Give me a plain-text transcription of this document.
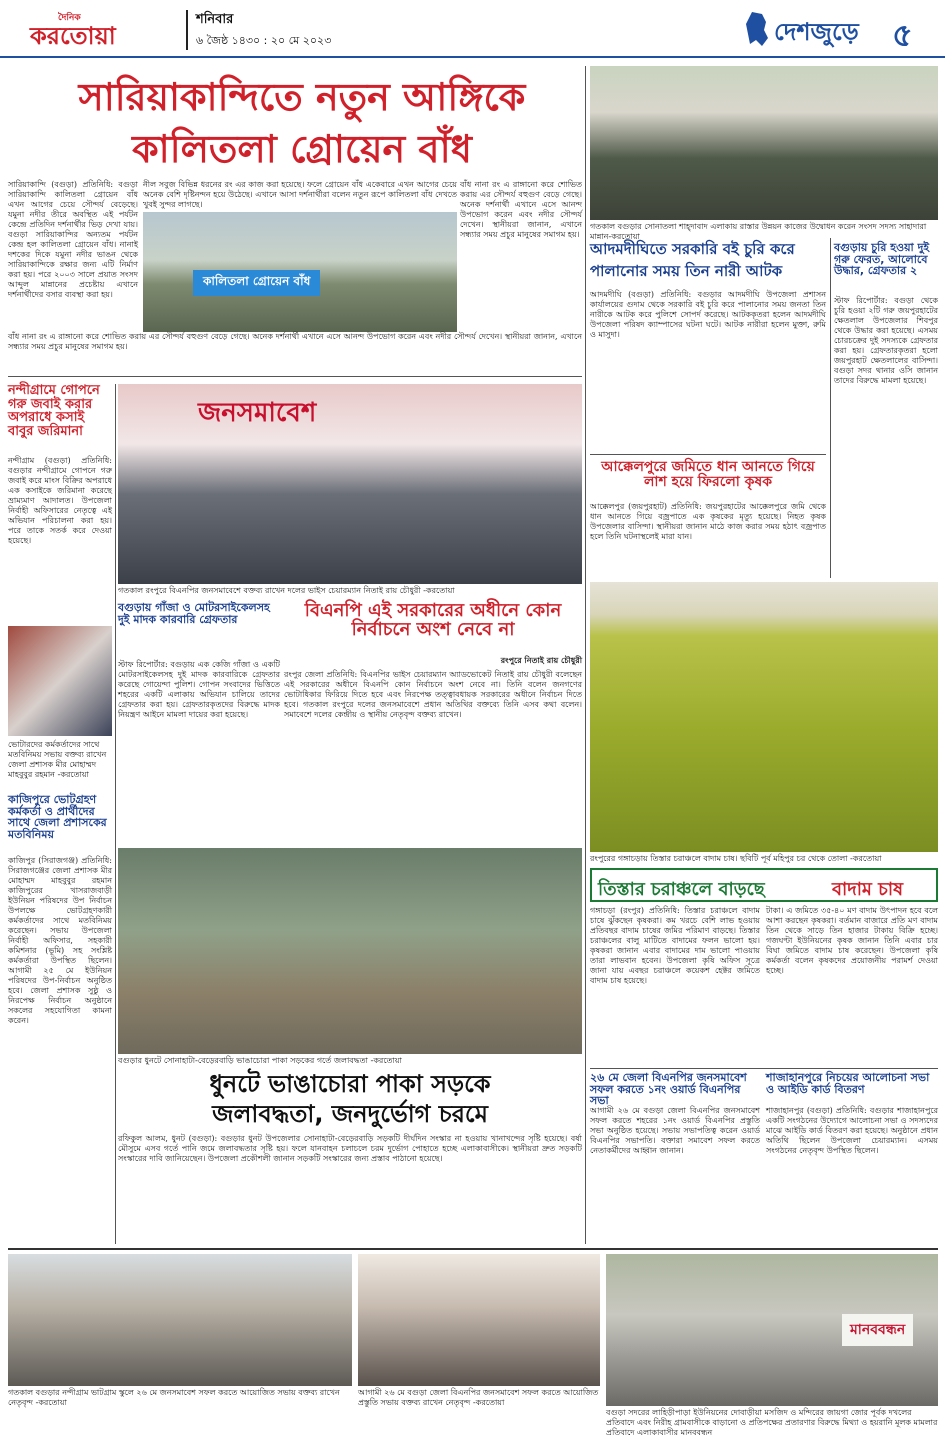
দৈনিক
করতোয়া
শনিবার
৬ জৈষ্ঠ ১৪৩০ : ২০ মে ২০২৩	দেশজুড়ে ৫
সারিয়াকান্দিতে নতুন আঙ্গিকে
কালিতলা গ্রোয়েন বাঁধ
সারিয়াকান্দি (বগুড়া) প্রতিনিধি: বগুড়া সারিয়াকান্দি কালিতলা গ্রোয়েন বাঁধ এখন আগের চেয়ে সৌন্দর্য বেড়েছে। যমুনা নদীর তীরে অবস্থিত এই পর্যটন কেন্দ্রে প্রতিদিন দর্শনার্থীর ভিড় দেখা যায়। বগুড়া সারিয়াকান্দির অন্যতম পর্যটন কেন্দ্র হল কালিতলা গ্রোয়েন বাঁধ। নানাই দশকের দিকে যমুনা নদীর ভাঙন থেকে সারিয়াকান্দিকে রক্ষার জন্য এটি নির্মাণ করা হয়। পরে ২০০৩ সালে প্রয়াত সংসদ আব্দুল মান্নানের প্রচেষ্টায় এখানে দর্শনার্থীদের বসার ব্যবস্থা করা হয়।
কালিতলা গ্রোয়েন বাঁধ
নীল সবুজ বিভিন্ন ধরনের রং এর কাজ করা হয়েছে। ফলে গ্রোয়েন বাঁধ একেবারে এখন আগের চেয়ে অনেক বেশি দৃষ্টিনন্দন হয়ে উঠেছে। এখানে আসা দর্শনার্থীরা বলেন নতুন রূপে কালিতলা বাঁধ দেখতে খুবই সুন্দর লাগছে।
বাঁধ নানা রং এ রাঙ্গানো করে শোভিত করায় এর সৌন্দর্য বহুগুণ বেড়ে গেছে। অনেক দর্শনার্থী এখানে এসে আনন্দ উপভোগ করেন এবং নদীর সৌন্দর্য দেখেন। স্থানীয়রা জানান, এখানে সন্ধ্যার সময় প্রচুর মানুষের সমাগম হয়।
বাঁধ নানা রং এ রাঙ্গানো করে শোভিত করায় এর সৌন্দর্য বহুগুণ বেড়ে গেছে। অনেক দর্শনার্থী এখানে এসে আনন্দ উপভোগ করেন এবং নদীর সৌন্দর্য দেখেন। স্থানীয়রা জানান, এখানে সন্ধ্যার সময় প্রচুর মানুষের সমাগম হয়।
নন্দীগ্রামে গোপনে গরু জবাই করার অপরাধে কসাই বাবুর জরিমানা
নন্দীগ্রাম (বগুড়া) প্রতিনিধি: বগুড়ার নন্দীগ্রামে গোপনে গরু জবাই করে মাংস বিক্রির অপরাধে এক কসাইকে জরিমানা করেছে ভ্রাম্যমাণ আদালত। উপজেলা নির্বাহী অফিসারের নেতৃত্বে এই অভিযান পরিচালনা করা হয়। পরে তাকে সতর্ক করে দেওয়া হয়েছে।
ভোটারদের কর্মকর্তাদের সাথে মতবিনিময় সভায় বক্তব্য রাখেন জেলা প্রশাসক মীর মোহাম্মদ মাহবুবুর রহমান -করতোয়া
কাজিপুরে ভোটগ্রহণ কর্মকর্তা ও প্রার্থীদের সাথে জেলা প্রশাসকের মতবিনিময়
কাজিপুর (সিরাজগঞ্জ) প্রতিনিধি: সিরাজগঞ্জের জেলা প্রশাসক মীর মোহাম্মদ মাহবুবুর রহমান কাজিপুরের খাসরাজবাড়ী ইউনিয়ন পরিষদের উপ নির্বাচন উপলক্ষে ভোটগ্রহণকারী কর্মকর্তাদের সাথে মতবিনিময় করেছেন। সভায় উপজেলা নির্বাহী অফিসার, সহকারী কমিশনার (ভূমি) সহ সংশ্লিষ্ট কর্মকর্তারা উপস্থিত ছিলেন। আগামী ২৫ মে ইউনিয়ন পরিষদের উপ-নির্বাচন অনুষ্ঠিত হবে। জেলা প্রশাসক সুষ্ঠু ও নিরপেক্ষ নির্বাচন অনুষ্ঠানে সকলের সহযোগিতা কামনা করেন।
জনসমাবেশ
গতকাল রংপুরে বিএনপির জনসমাবেশে বক্তব্য রাখেন দলের ভাইস চেয়ারম্যান নিতাই রায় চৌধুরী -করতোয়া
বগুড়ায় গাঁজা ও মোটরসাইকেলসহ দুই মাদক কারবারি গ্রেফতার
স্টাফ রিপোর্টার: বগুড়ায় এক কেজি গাঁজা ও একটি মোটরসাইকেলসহ দুই মাদক কারবারিকে গ্রেফতার করেছে গোয়েন্দা পুলিশ। গোপন সংবাদের ভিত্তিতে শহরের একটি এলাকায় অভিযান চালিয়ে তাদের গ্রেফতার করা হয়। গ্রেফতারকৃতদের বিরুদ্ধে মাদক নিয়ন্ত্রণ আইনে মামলা দায়ের করা হয়েছে।
বিএনপি এই সরকারের অধীনে কোন নির্বাচনে অংশ নেবে না
রংপুরে নিতাই রায় চৌধুরী
রংপুর জেলা প্রতিনিধি: বিএনপির ভাইস চেয়ারম্যান অ্যাডভোকেট নিতাই রায় চৌধুরী বলেছেন এই সরকারের অধীনে বিএনপি কোন নির্বাচনে অংশ নেবে না। তিনি বলেন জনগণের ভোটাধিকার ফিরিয়ে দিতে হবে এবং নিরপেক্ষ তত্ত্বাবধায়ক সরকারের অধীনে নির্বাচন দিতে হবে। গতকাল রংপুরে দলের জনসমাবেশে প্রধান অতিথির বক্তব্যে তিনি এসব কথা বলেন। সমাবেশে দলের কেন্দ্রীয় ও স্থানীয় নেতৃবৃন্দ বক্তব্য রাখেন।
বগুড়ার ধুনটে সোনাহাটা-বেড়েরবাড়ি ভাঙাচোরা পাকা সড়কের গর্তে জলাবদ্ধতা -করতোয়া
ধুনটে ভাঙাচোরা পাকা সড়কে
জলাবদ্ধতা, জনদুর্ভোগ চরমে
রফিকুল আলম, ধুনট (বগুড়া): বগুড়ার ধুনট উপজেলার সোনাহাটা-বেড়েরবাড়ি সড়কটি দীর্ঘদিন সংস্কার না হওয়ায় খানাখন্দের সৃষ্টি হয়েছে। বর্ষা মৌসুমে এসব গর্তে পানি জমে জলাবদ্ধতার সৃষ্টি হয়। ফলে যানবাহন চলাচলে চরম দুর্ভোগ পোহাতে হচ্ছে এলাকাবাসীকে। স্থানীয়রা দ্রুত সড়কটি সংস্কারের দাবি জানিয়েছেন। উপজেলা প্রকৌশলী জানান সড়কটি সংস্কারের জন্য প্রস্তাব পাঠানো হয়েছে।
গতকাল বগুড়ার সোনাতলা শাহ্দাবাদ এলাকায় রাস্তার উন্নয়ন কাজের উদ্বোধন করেন সংসদ সদস্য সাহাদারা মান্নান-করতোয়া
আদমদীঘিতে সরকারি বই চুরি করে
পালানোর সময় তিন নারী আটক
আদমদীঘি (বগুড়া) প্রতিনিধি: বগুড়ার আদমদীঘি উপজেলা প্রশাসন কার্যালয়ের গুদাম থেকে সরকারি বই চুরি করে পালানোর সময় জনতা তিন নারীকে আটক করে পুলিশে সোপর্দ করেছে। আটককৃতরা হলেন আদমদীঘি উপজেলা পরিষদ ক্যাম্পাসের ঘটনা ঘটে। আটক নারীরা হলেন মুক্তা, রুমি ও মাসুদা।
বগুড়ায় চুরি হওয়া দুই গরু ফেরত, আলোবে উদ্ধার, গ্রেফতার ২
স্টাফ রিপোর্টার: বগুড়া থেকে চুরি হওয়া ২টি গরু জয়পুরহাটের ক্ষেতলাল উপজেলার শিবপুর থেকে উদ্ধার করা হয়েছে। এসময় চোরচক্রের দুই সদস্যকে গ্রেফতার করা হয়। গ্রেফতারকৃতরা হলো জয়পুরহাট ক্ষেতলালের বাসিন্দা। বগুড়া সদর থানার ওসি জানান তাদের বিরুদ্ধে মামলা হয়েছে।
আক্কেলপুরে জমিতে ধান আনতে গিয়ে লাশ হয়ে ফিরলো কৃষক
আক্কেলপুর (জয়পুরহাট) প্রতিনিধি: জয়পুরহাটের আক্কেলপুরে জমি থেকে ধান আনতে গিয়ে বজ্রপাতে এক কৃষকের মৃত্যু হয়েছে। নিহত কৃষক উপজেলার বাসিন্দা। স্থানীয়রা জানান মাঠে কাজ করার সময় হঠাৎ বজ্রপাত হলে তিনি ঘটনাস্থলেই মারা যান।
রংপুরের গঙ্গাচড়ায় তিস্তার চরাঞ্চলে বাদাম চাষ। ছবিটি পূর্ব মহিপুর চর থেকে তোলা -করতোয়া
তিস্তার চরাঞ্চলে বাড়ছে	বাদাম চাষ
গঙ্গাচড়া (রংপুর) প্রতিনিধি: তিস্তার চরাঞ্চলে বাদাম চাষে ঝুঁকছেন কৃষকরা। কম খরচে বেশি লাভ হওয়ায় প্রতিবছর বাদাম চাষের জমির পরিমাণ বাড়ছে। তিস্তার চরাঞ্চলের বালু মাটিতে বাদামের ফলন ভালো হয়। কৃষকরা জানান এবার বাদামের দাম ভালো পাওয়ায় তারা লাভবান হবেন। উপজেলা কৃষি অফিস সূত্রে জানা যায় এবছর চরাঞ্চলে কয়েকশ হেক্টর জমিতে বাদাম চাষ হয়েছে।
টাকা। এ জমিতে ৩৫-৪০ মণ বাদাম উৎপাদন হবে বলে আশা করছেন কৃষকরা। বর্তমান বাজারে প্রতি মণ বাদাম তিন থেকে সাড়ে তিন হাজার টাকায় বিক্রি হচ্ছে। গজঘণ্টা ইউনিয়নের কৃষক জানান তিনি এবার চার বিঘা জমিতে বাদাম চাষ করেছেন। উপজেলা কৃষি কর্মকর্তা বলেন কৃষকদের প্রয়োজনীয় পরামর্শ দেওয়া হচ্ছে।
২৬ মে জেলা বিএনপির জনসমাবেশ সফল করতে ১নং ওয়ার্ড বিএনপির সভা
আগামী ২৬ মে বগুড়া জেলা বিএনপির জনসমাবেশ সফল করতে শহরের ১নং ওয়ার্ড বিএনপির প্রস্তুতি সভা অনুষ্ঠিত হয়েছে। সভায় সভাপতিত্ব করেন ওয়ার্ড বিএনপির সভাপতি। বক্তারা সমাবেশ সফল করতে নেতাকর্মীদের আহ্বান জানান।
শাজাহানপুরে নিচয়ের আলোচনা সভা ও আইডি কার্ড বিতরণ
শাজাহানপুর (বগুড়া) প্রতিনিধি: বগুড়ার শাজাহানপুরে একটি সংগঠনের উদ্যোগে আলোচনা সভা ও সদস্যদের মাঝে আইডি কার্ড বিতরণ করা হয়েছে। অনুষ্ঠানে প্রধান অতিথি ছিলেন উপজেলা চেয়ারম্যান। এসময় সংগঠনের নেতৃবৃন্দ উপস্থিত ছিলেন।
গতকাল বগুড়ার নন্দীগ্রাম ভাটগ্রাম স্কুলে ২৬ মে জনসমাবেশ সফল করতে আয়োজিত সভায় বক্তব্য রাখেন নেতৃবৃন্দ -করতোয়া
আগামী ২৬ মে বগুড়া জেলা বিএনপির জনসমাবেশ সফল করতে আয়োজিত প্রস্তুতি সভায় বক্তব্য রাখেন নেতৃবৃন্দ -করতোয়া
মানববন্ধন
বগুড়া সদরের লাহিড়ীপাড়া ইউনিয়নের দোবাড়ীয়া মসজিদ ও মন্দিরের জায়গা জোর পূর্বক দখলের প্রতিবাদে এবং নিরীহ গ্রামবাসীকে বাড়ানো ও প্রতিপক্ষের প্রতারণার বিরুদ্ধে মিথ্যা ও হয়রানি মূলক মামলার প্রতিবাদে এলাকাবাসীর মানববন্ধন
